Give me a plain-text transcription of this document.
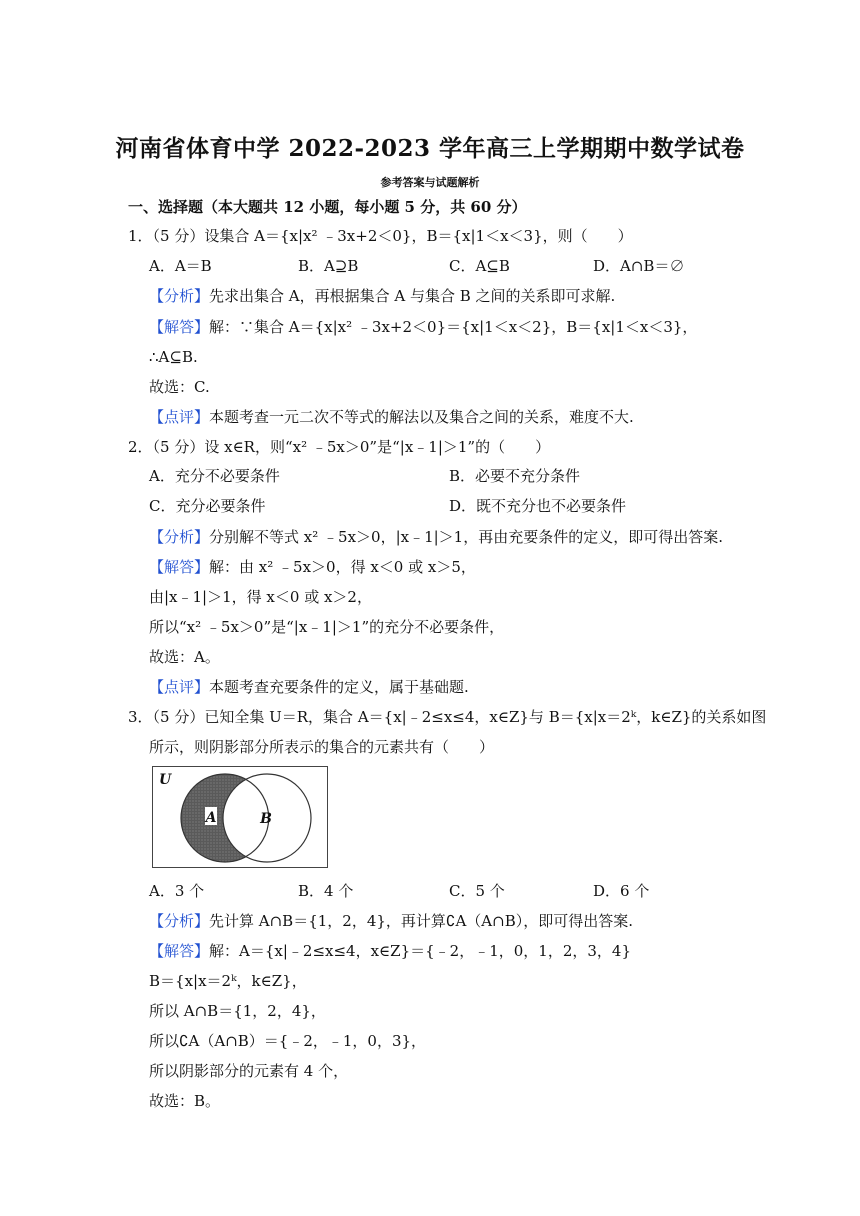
河南省体育中学 2022-2023 学年高三上学期期中数学试卷
参考答案与试题解析
一、选择题（本大题共 12 小题，每小题 5 分，共 60 分）
1．（5 分）设集合 A＝{x|x² ﹣3x+2＜0}，B＝{x|1＜x＜3}，则（　　）
A．A＝B	B．A⊇B	C．A⊆B	D．A∩B＝∅
【分析】先求出集合 A，再根据集合 A 与集合 B 之间的关系即可求解.
【解答】解：∵集合 A＝{x|x² ﹣3x+2＜0}＝{x|1＜x＜2}，B＝{x|1＜x＜3}，
∴A⊆B.
故选：C.
【点评】本题考查一元二次不等式的解法以及集合之间的关系，难度不大.
2．（5 分）设 x∈R，则“x² ﹣5x＞0”是“|x﹣1|＞1”的（　　）
A．充分不必要条件	B．必要不充分条件
C．充分必要条件	D．既不充分也不必要条件
【分析】分别解不等式 x² ﹣5x＞0，|x﹣1|＞1，再由充要条件的定义，即可得出答案.
【解答】解：由 x² ﹣5x＞0，得 x＜0 或 x＞5，
由|x﹣1|＞1，得 x＜0 或 x＞2，
所以“x² ﹣5x＞0”是“|x﹣1|＞1”的充分不必要条件，
故选：A。
【点评】本题考查充要条件的定义，属于基础题.
3．（5 分）已知全集 U＝R，集合 A＝{x|﹣2≤x≤4，x∈Z}与 B＝{x|x＝2ᵏ，k∈Z}的关系如图
所示，则阴影部分所表示的集合的元素共有（　　）
A	B
U
A．3 个	B．4 个	C．5 个	D．6 个
【分析】先计算 A∩B＝{1，2，4}，再计算∁A（A∩B），即可得出答案.
【解答】解：A＝{x|﹣2≤x≤4，x∈Z}＝{﹣2，﹣1，0，1，2，3，4}
B＝{x|x＝2ᵏ，k∈Z}，
所以 A∩B＝{1，2，4}，
所以∁A（A∩B）＝{﹣2，﹣1，0，3}，
所以阴影部分的元素有 4 个，
故选：B。
